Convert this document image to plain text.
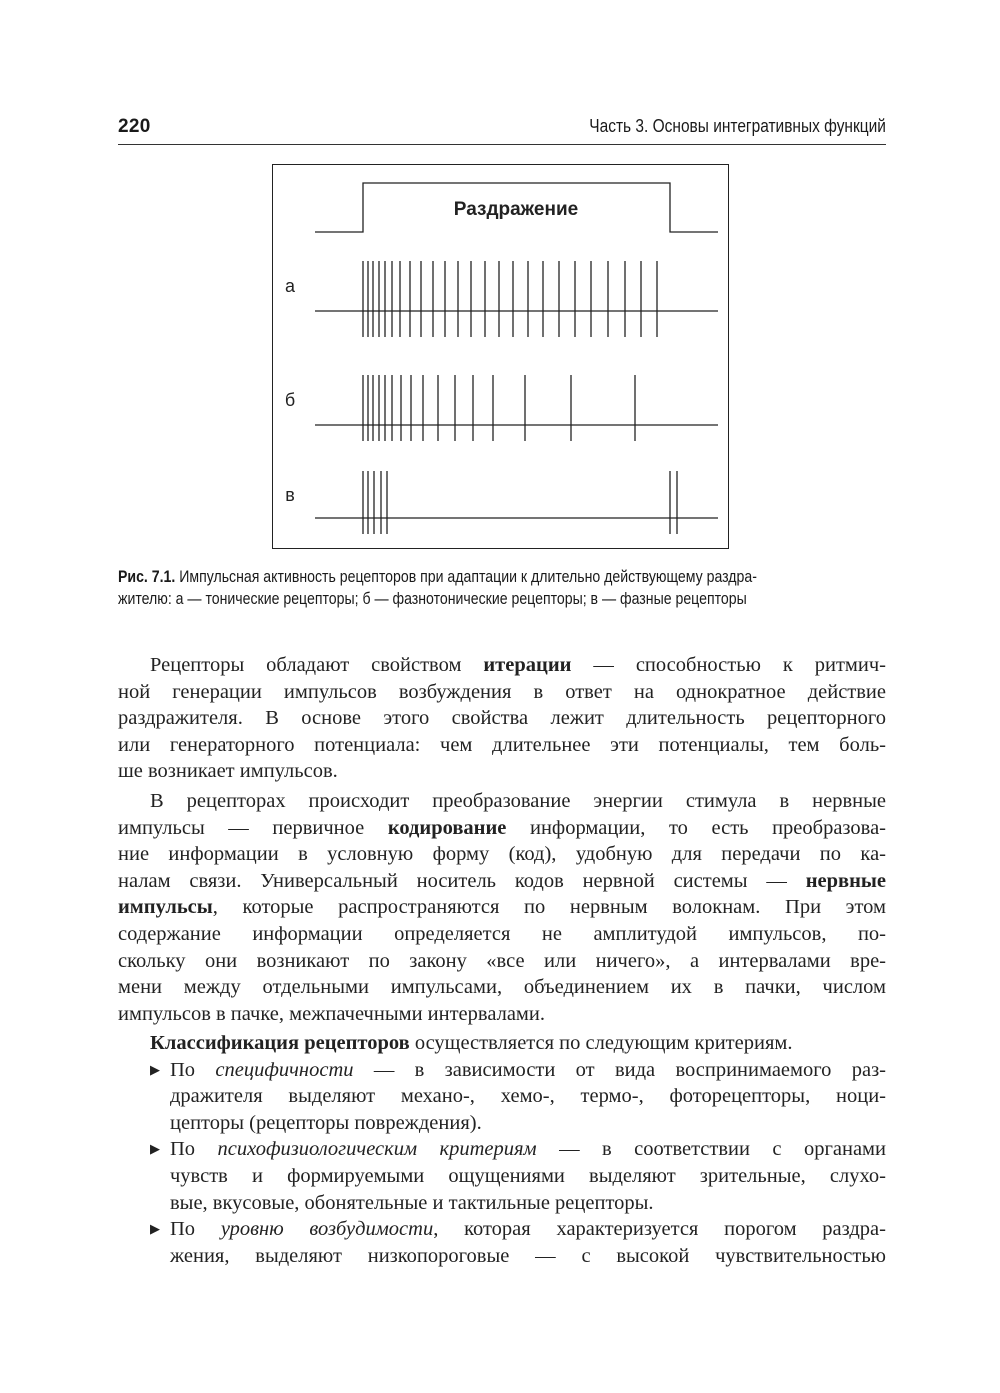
220	Часть 3. Основы интегративных функций
Раздражение
а
б
в
Рис. 7.1. Импульсная активность рецепторов при адаптации к длительно действующему раздра-
жителю: а — тонические рецепторы; б — фазнотонические рецепторы; в — фазные рецепторы
Рецепторы обладают свойством итерации — способностью к ритмич-
ной генерации импульсов возбуждения в ответ на однократное действие
раздражителя. В основе этого свойства лежит длительность рецепторного
или генераторного потенциала: чем длительнее эти потенциалы, тем боль-
ше возникает импульсов.
В рецепторах происходит преобразование энергии стимула в нервные
импульсы — первичное кодирование информации, то есть преобразова-
ние информации в условную форму (код), удобную для передачи по ка-
налам связи. Универсальный носитель кодов нервной системы — нервные
импульсы, которые распространяются по нервным волокнам. При этом
содержание информации определяется не амплитудой импульсов, по-
скольку они возникают по закону «все или ничего», а интервалами вре-
мени между отдельными импульсами, объединением их в пачки, числом
импульсов в пачке, межпачечными интервалами.
Классификация рецепторов осуществляется по следующим критериям.
▶ По специфичности — в зависимости от вида воспринимаемого раз-
дражителя выделяют механо-, хемо-, термо-, фоторецепторы, ноци-
цепторы (рецепторы повреждения).
▶ По психофизиологическим критериям — в соответствии с органами
чувств и формируемыми ощущениями выделяют зрительные, слухо-
вые, вкусовые, обонятельные и тактильные рецепторы.
▶ По уровню возбудимости, которая характеризуется порогом раздра-
жения, выделяют низкопороговые — с высокой чувствительностью
